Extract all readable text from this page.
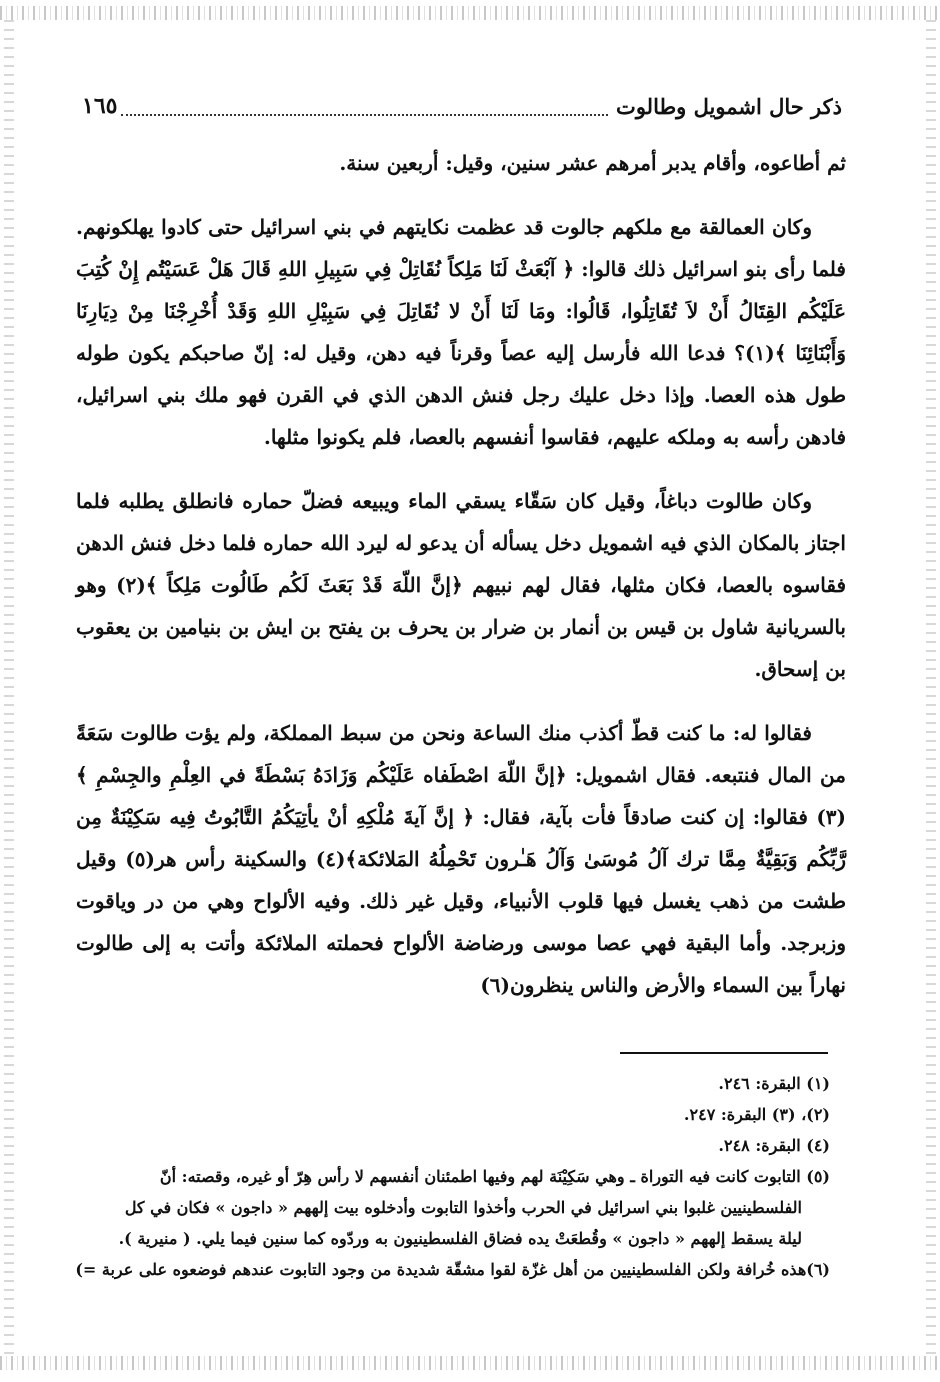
ذكر حال اشمويل وطالوت
١٦٥

ثم أطاعوه، وأقام يدبر أمرهم عشر سنين، وقيل: أربعين سنة.

وكان العمالقة مع ملكهم جالوت قد عظمت نكايتهم في بني اسرائيل حتى كادوا يهلكونهم. فلما رأى بنو اسرائيل ذلك قالوا: ﴿ آبْعَثْ لَنَا مَلِكاً نُقَاتِلْ فِي سَبِيلِ اللهِ قَالَ هَلْ عَسَيْتُم إِنْ كُتِبَ عَلَيْكُم القِتَالُ أَنْ لاَ تُقَاتِلُوا، قَالُوا: ومَا لَنَا أَنْ لا نُقَاتِلَ فِي سَبِيْلِ اللهِ وَقَدْ أُخْرِجْنَا مِنْ دِيَارِنَا وَأَبْنَائِنَا ﴾(١)؟ فدعا الله فأرسل إليه عصاً وقرناً فيه دهن، وقيل له: إنّ صاحبكم يكون طوله طول هذه العصا. وإذا دخل عليك رجل فنش الدهن الذي في القرن فهو ملك بني اسرائيل، فادهن رأسه به وملكه عليهم، فقاسوا أنفسهم بالعصا، فلم يكونوا مثلها.

وكان طالوت دباغاً، وقيل كان سَقّاء يسقي الماء ويبيعه فضلّ حماره فانطلق يطلبه فلما اجتاز بالمكان الذي فيه اشمويل دخل يسأله أن يدعو له ليرد الله حماره فلما دخل فنش الدهن فقاسوه بالعصا، فكان مثلها، فقال لهم نبيهم ﴿إنَّ اللّهَ قَدْ بَعَثَ لَكُم طَالُوت مَلِكاً ﴾(٢) وهو بالسريانية شاول بن قيس بن أنمار بن ضرار بن يحرف بن يفتح بن ايش بن بنيامين بن يعقوب بن إسحاق.

فقالوا له: ما كنت قطّ أكذب منك الساعة ونحن من سبط المملكة، ولم يؤت طالوت سَعَةً من المال فنتبعه. فقال اشمويل: ﴿إنَّ اللّهَ اصْطَفاه عَلَيْكُم وَزَادَهُ بَسْطَةً في العِلْمِ والجِسْمِ ﴾(٣) فقالوا: إن كنت صادقاً فأت بآية، فقال: ﴿ إنَّ آيةَ مُلْكِهِ أنْ يأتِيَكُمُ التَّابُوتُ فِيه سَكِيْنَةٌ مِن رَّبِّكُم وَبَقِيَّةٌ مِمَّا ترك آلُ مُوسَىٰ وَآلُ هَـٰرون تَحْمِلُهُ المَلائكة﴾(٤) والسكينة رأس هر(٥) وقيل طشت من ذهب يغسل فيها قلوب الأنبياء، وقيل غير ذلك. وفيه الألواح وهي من در وياقوت وزبرجد. وأما البقية فهي عصا موسى ورضاضة الألواح فحملته الملائكة وأتت به إلى طالوت نهاراً بين السماء والأرض والناس ينظرون(٦)

(١) البقرة: ٢٤٦.
(٢)، (٣) البقرة: ٢٤٧.
(٤) البقرة: ٢٤٨.
(٥) التابوت كانت فيه التوراة ـ وهي سَكِيْنَة لهم وفيها اطمئنان أنفسهم لا رأس هِرّ أو غيره، وقصته: أنّ
الفلسطينيين غلبوا بني اسرائيل في الحرب وأخذوا التابوت وأدخلوه بيت إلههم « داجون » فكان في كل
ليلة يسقط إلههم « داجون » وقُطعَتْ يده فضاق الفلسطينيون به وردّوه كما سنين فيما يلي. ( منيرية ).
(٦)هذه خُرافة ولكن الفلسطينيين من أهل غزّة لقوا مشقّة شديدة من وجود التابوت عندهم فوضعوه على عربة =)
